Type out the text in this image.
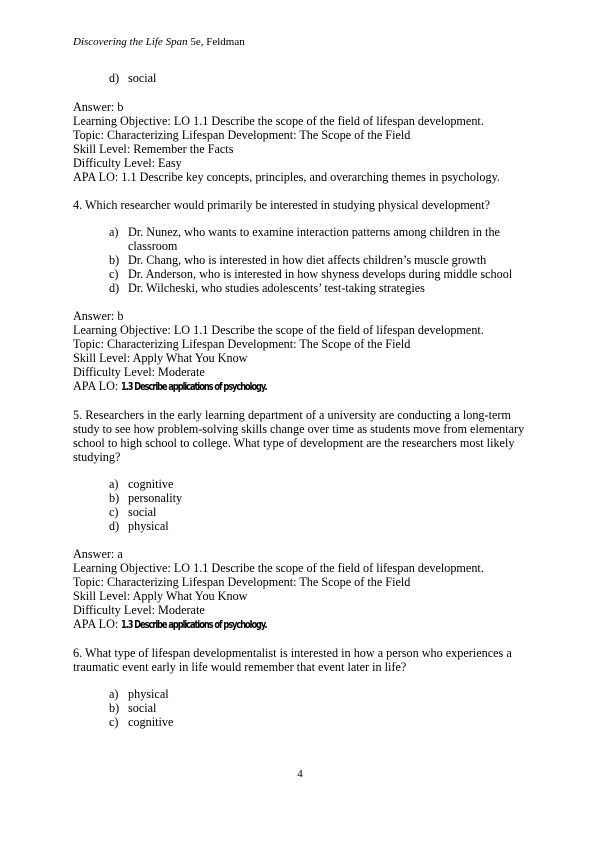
Discovering the Life Span 5e, Feldman
d) social
Answer: b
Learning Objective: LO 1.1 Describe the scope of the field of lifespan development.
Topic: Characterizing Lifespan Development: The Scope of the Field
Skill Level: Remember the Facts
Difficulty Level: Easy
APA LO: 1.1 Describe key concepts, principles, and overarching themes in psychology.

4. Which researcher would primarily be interested in studying physical development?

a) Dr. Nunez, who wants to examine interaction patterns among children in the classroom
b) Dr. Chang, who is interested in how diet affects children’s muscle growth
c) Dr. Anderson, who is interested in how shyness develops during middle school
d) Dr. Wilcheski, who studies adolescents’ test-taking strategies
Answer: b
Learning Objective: LO 1.1 Describe the scope of the field of lifespan development.
Topic: Characterizing Lifespan Development: The Scope of the Field
Skill Level: Apply What You Know
Difficulty Level: Moderate
APA LO: 1.3 Describe applications of psychology.

5. Researchers in the early learning department of a university are conducting a long-term study to see how problem-solving skills change over time as students move from elementary school to high school to college. What type of development are the researchers most likely studying?

a) cognitive
b) personality
c) social
d) physical
Answer: a
Learning Objective: LO 1.1 Describe the scope of the field of lifespan development.
Topic: Characterizing Lifespan Development: The Scope of the Field
Skill Level: Apply What You Know
Difficulty Level: Moderate
APA LO: 1.3 Describe applications of psychology.

6. What type of lifespan developmentalist is interested in how a person who experiences a traumatic event early in life would remember that event later in life?

a) physical
b) social
c) cognitive
4
